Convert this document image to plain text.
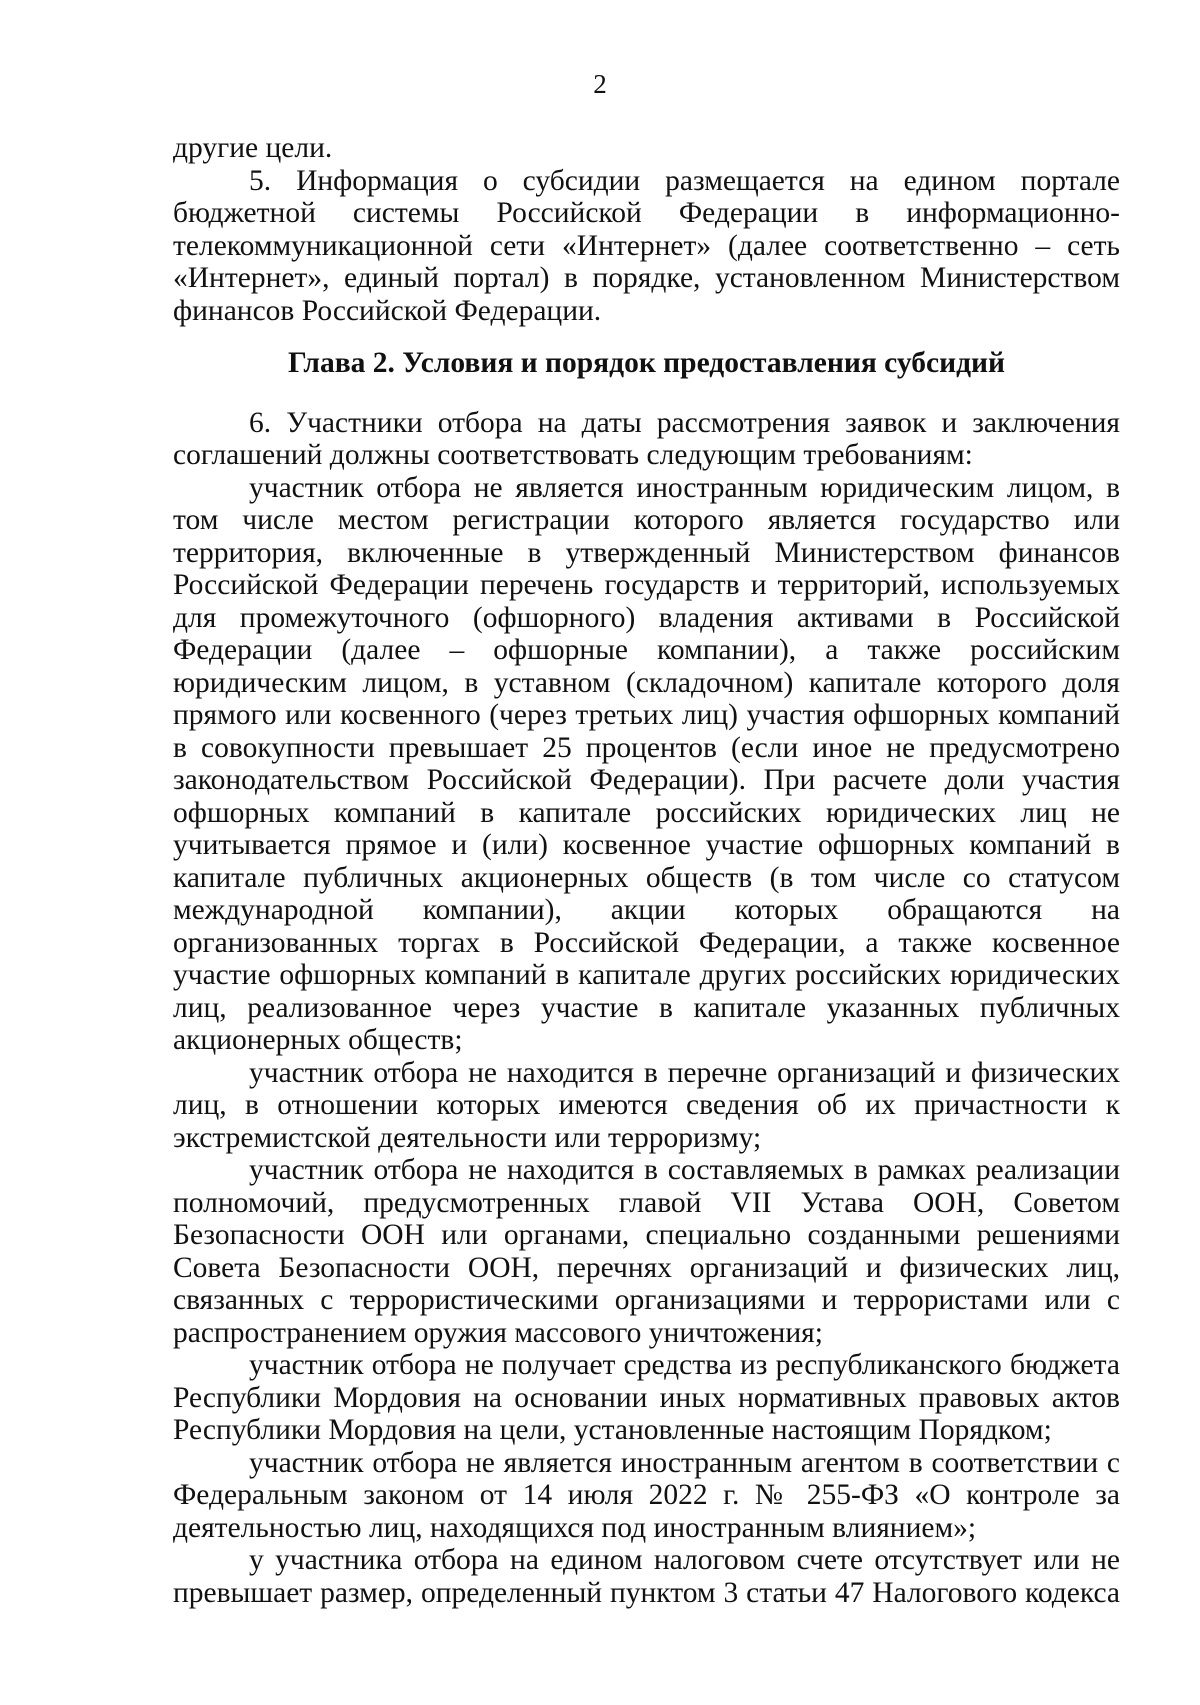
2

другие цели.

5. Информация о субсидии размещается на едином портале бюджетной системы Российской Федерации в информационно-телекоммуникационной сети «Интернет» (далее соответственно – сеть «Интернет», единый портал) в порядке, установленном Министерством финансов Российской Федерации.

Глава 2. Условия и порядок предоставления субсидий

6. Участники отбора на даты рассмотрения заявок и заключения соглашений должны соответствовать следующим требованиям:

участник отбора не является иностранным юридическим лицом, в том числе местом регистрации которого является государство или территория, включенные в утвержденный Министерством финансов Российской Федерации перечень государств и территорий, используемых для промежуточного (офшорного) владения активами в Российской Федерации (далее – офшорные компании), а также российским юридическим лицом, в уставном (складочном) капитале которого доля прямого или косвенного (через третьих лиц) участия офшорных компаний в совокупности превышает 25 процентов (если иное не предусмотрено законодательством Российской Федерации). При расчете доли участия офшорных компаний в капитале российских юридических лиц не учитывается прямое и (или) косвенное участие офшорных компаний в капитале публичных акционерных обществ (в том числе со статусом международной компании), акции которых обращаются на организованных торгах в Российской Федерации, а также косвенное участие офшорных компаний в капитале других российских юридических лиц, реализованное через участие в капитале указанных публичных акционерных обществ;

участник отбора не находится в перечне организаций и физических лиц, в отношении которых имеются сведения об их причастности к экстремистской деятельности или терроризму;

участник отбора не находится в составляемых в рамках реализации полномочий, предусмотренных главой VII Устава ООН, Советом Безопасности ООН или органами, специально созданными решениями Совета Безопасности ООН, перечнях организаций и физических лиц, связанных с террористическими организациями и террористами или с распространением оружия массового уничтожения;

участник отбора не получает средства из республиканского бюджета Республики Мордовия на основании иных нормативных правовых актов Республики Мордовия на цели, установленные настоящим Порядком;

участник отбора не является иностранным агентом в соответствии с Федеральным законом от 14 июля 2022 г. № 255-ФЗ «О контроле за деятельностью лиц, находящихся под иностранным влиянием»;

у участника отбора на едином налоговом счете отсутствует или не превышает размер, определенный пунктом 3 статьи 47 Налогового кодекса
